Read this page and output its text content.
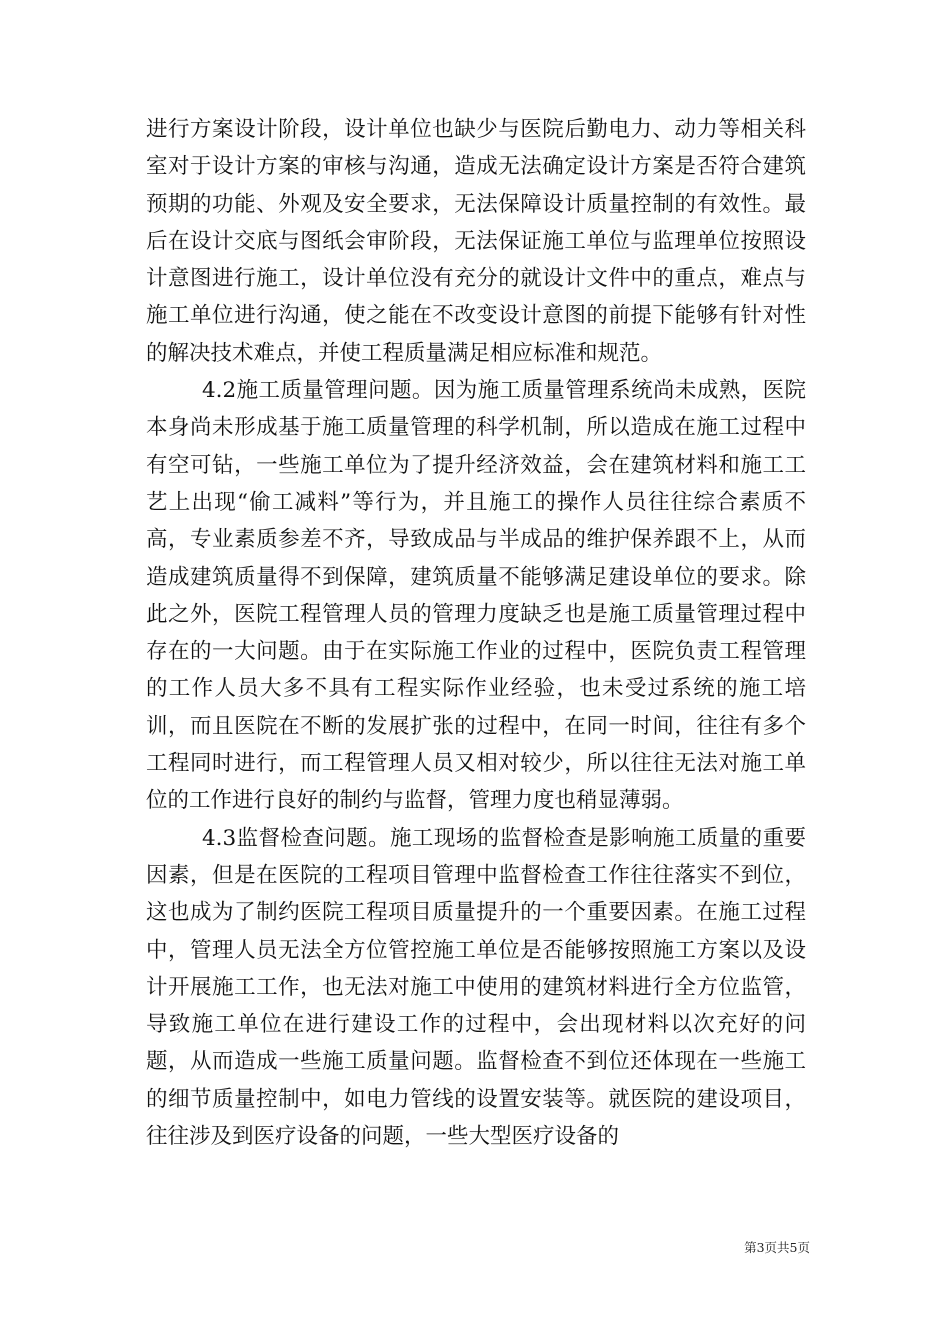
进行方案设计阶段，设计单位也缺少与医院后勤电力、动力等相关科室对于设计方案的审核与沟通，造成无法确定设计方案是否符合建筑预期的功能、外观及安全要求，无法保障设计质量控制的有效性。最后在设计交底与图纸会审阶段，无法保证施工单位与监理单位按照设计意图进行施工，设计单位没有充分的就设计文件中的重点，难点与施工单位进行沟通，使之能在不改变设计意图的前提下能够有针对性的解决技术难点，并使工程质量满足相应标准和规范。

4.2施工质量管理问题。因为施工质量管理系统尚未成熟，医院本身尚未形成基于施工质量管理的科学机制，所以造成在施工过程中有空可钻，一些施工单位为了提升经济效益，会在建筑材料和施工工艺上出现“偷工减料”等行为，并且施工的操作人员往往综合素质不高，专业素质参差不齐，导致成品与半成品的维护保养跟不上，从而造成建筑质量得不到保障，建筑质量不能够满足建设单位的要求。除此之外，医院工程管理人员的管理力度缺乏也是施工质量管理过程中存在的一大问题。由于在实际施工作业的过程中，医院负责工程管理的工作人员大多不具有工程实际作业经验，也未受过系统的施工培训，而且医院在不断的发展扩张的过程中，在同一时间，往往有多个工程同时进行，而工程管理人员又相对较少，所以往往无法对施工单位的工作进行良好的制约与监督，管理力度也稍显薄弱。

4.3监督检查问题。施工现场的监督检查是影响施工质量的重要因素，但是在医院的工程项目管理中监督检查工作往往落实不到位，这也成为了制约医院工程项目质量提升的一个重要因素。在施工过程中，管理人员无法全方位管控施工单位是否能够按照施工方案以及设计开展施工工作，也无法对施工中使用的建筑材料进行全方位监管，导致施工单位在进行建设工作的过程中，会出现材料以次充好的问题，从而造成一些施工质量问题。监督检查不到位还体现在一些施工的细节质量控制中，如电力管线的设置安装等。就医院的建设项目，往往涉及到医疗设备的问题，一些大型医疗设备的

第3页共5页
